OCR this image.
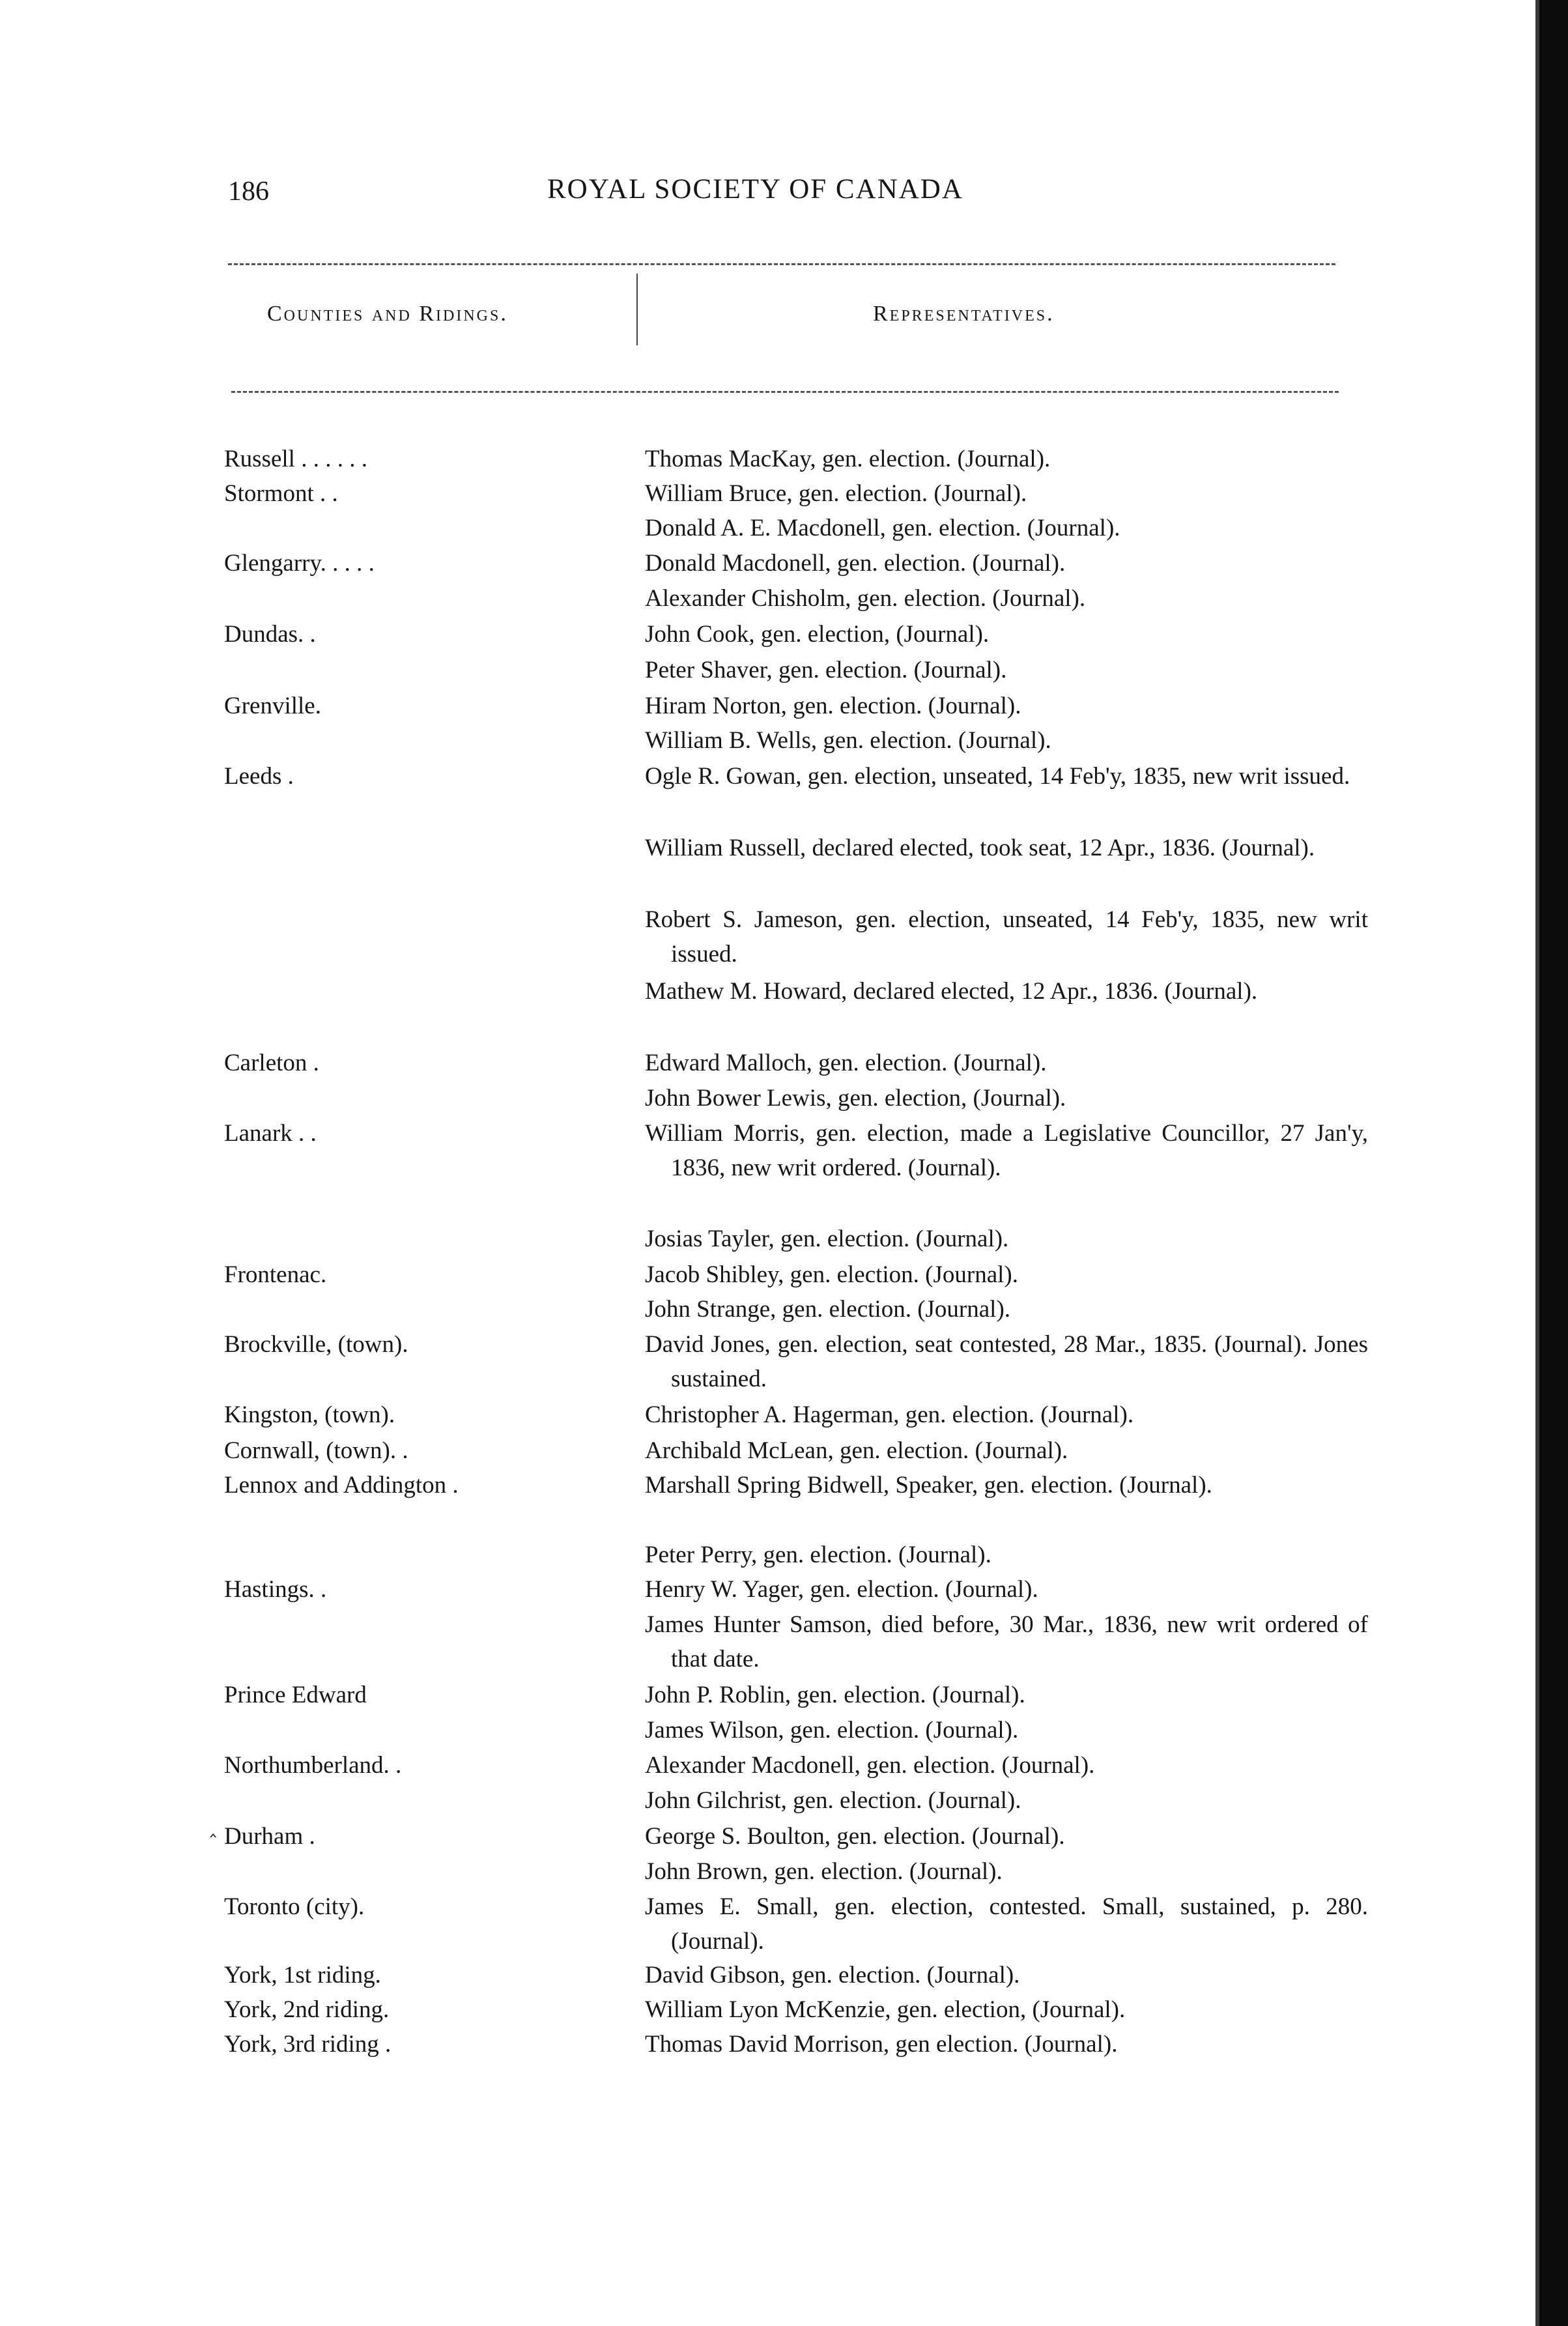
186	ROYAL SOCIETY OF CANADA
Counties and Ridings.	Representatives.
Russell . . . . . .
Stormont . .
Glengarry. . . . .
Dundas. .
Grenville.
Leeds .
Carleton .
Lanark . .
Frontenac.
Brockville, (town).
Kingston, (town).
Cornwall, (town). .
Lennox and Addington .
Hastings. .
Prince Edward
Northumberland. .
‸ Durham .
Toronto (city).
York, 1st riding.
York, 2nd riding.
York, 3rd riding .
Thomas MacKay, gen. election. (Journal).
William Bruce, gen. election. (Journal).
Donald A. E. Macdonell, gen. election. (Journal).
Donald Macdonell, gen. election. (Journal).
Alexander Chisholm, gen. election. (Journal).
John Cook, gen. election, (Journal).
Peter Shaver, gen. election. (Journal).
Hiram Norton, gen. election. (Journal).
William B. Wells, gen. election. (Journal).
Ogle R. Gowan, gen. election, unseated, 14 Feb'y, 1835, new writ issued.
William Russell, declared elected, took seat, 12 Apr., 1836. (Journal).
Robert S. Jameson, gen. election, unseated, 14 Feb'y, 1835, new writ issued.
Mathew M. Howard, declared elected, 12 Apr., 1836. (Journal).
Edward Malloch, gen. election. (Journal).
John Bower Lewis, gen. election, (Journal).
William Morris, gen. election, made a Legislative Councillor, 27 Jan'y, 1836, new writ ordered. (Journal).
Josias Tayler, gen. election. (Journal).
Jacob Shibley, gen. election. (Journal).
John Strange, gen. election. (Journal).
David Jones, gen. election, seat contested, 28 Mar., 1835. (Journal). Jones sustained.
Christopher A. Hagerman, gen. election. (Journal).
Archibald McLean, gen. election. (Journal).
Marshall Spring Bidwell, Speaker, gen. election. (Journal).
Peter Perry, gen. election. (Journal).
Henry W. Yager, gen. election. (Journal).
James Hunter Samson, died before, 30 Mar., 1836, new writ ordered of that date.
John P. Roblin, gen. election. (Journal).
James Wilson, gen. election. (Journal).
Alexander Macdonell, gen. election. (Journal).
John Gilchrist, gen. election. (Journal).
George S. Boulton, gen. election. (Journal).
John Brown, gen. election. (Journal).
James E. Small, gen. election, contested. Small, sustained, p. 280. (Journal).
David Gibson, gen. election. (Journal).
William Lyon McKenzie, gen. election, (Journal).
Thomas David Morrison, gen election. (Journal).
